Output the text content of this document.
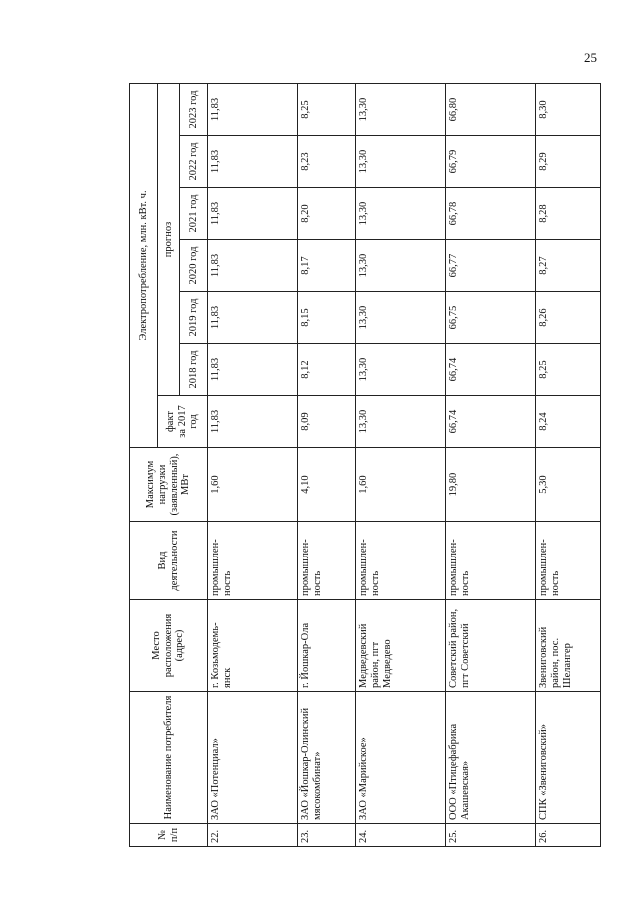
25
№ п/п	Наименование потребителя	Место расположения (адрес)	Вид деятельности	Максимум нагрузки (заявленный), МВт	Электропотребление, млн. кВт. ч.						

					факт за 2017 год	прогноз					
						2018 год	2019 год	2020 год	2021 год	2022 год	2023 год
22.	ЗАО «Потенциал»	г. Козьмодемь-янск	промышлен-ность	1,60	11,83	11,83	11,83	11,83	11,83	11,83	11,83
23.	ЗАО «Йошкар-Олинский мясокомбинат»	г. Йошкар-Ола	промышлен-ность	4,10	8,09	8,12	8,15	8,17	8,20	8,23	8,25
24.	ЗАО «Марийское»	Медведевский район, пгт Медведево	промышлен-ность	1,60	13,30	13,30	13,30	13,30	13,30	13,30	13,30
25.	ООО «Птицефабрика Акашевская»	Советский район, пгт Советский	промышлен-ность	19,80	66,74	66,74	66,75	66,77	66,78	66,79	66,80
26.	СПК «Звениговский»	Звениговский район, пос. Шелангер	промышлен-ность	5,30	8,24	8,25	8,26	8,27	8,28	8,29	8,30
